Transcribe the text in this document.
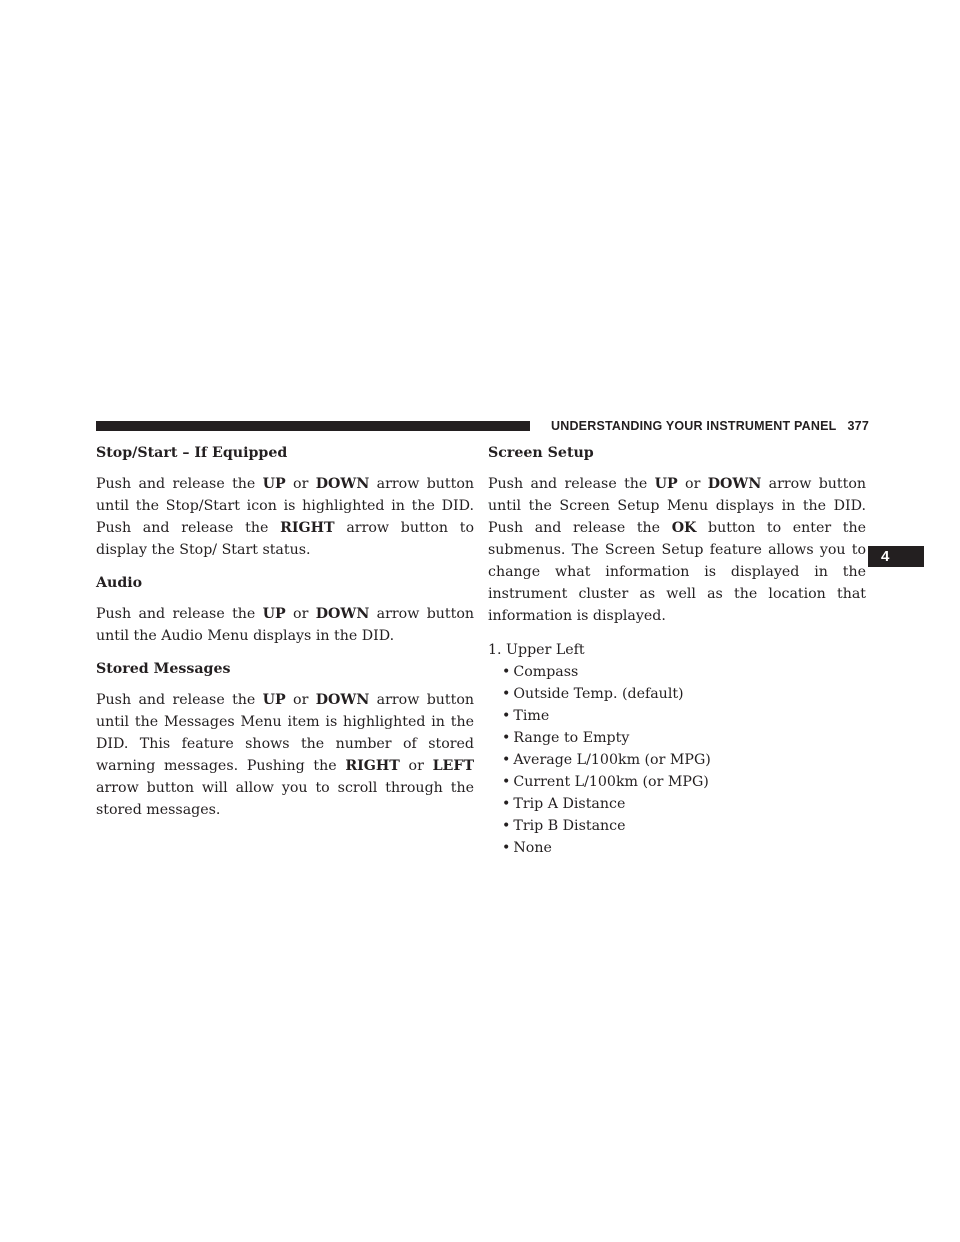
UNDERSTANDING YOUR INSTRUMENT PANEL 377
4
Stop/Start – If Equipped

Push and release the UP or DOWN arrow button until the Stop/Start icon is highlighted in the DID. Push and release the RIGHT arrow button to display the Stop/ Start status.

Audio

Push and release the UP or DOWN arrow button until the Audio Menu displays in the DID.

Stored Messages

Push and release the UP or DOWN arrow button until the Messages Menu item is highlighted in the DID. This feature shows the number of stored warning messages. Pushing the RIGHT or LEFT arrow button will allow you to scroll through the stored messages.

Screen Setup

Push and release the UP or DOWN arrow button until the Screen Setup Menu displays in the DID. Push and release the OK button to enter the submenus. The Screen Setup feature allows you to change what information is displayed in the instrument cluster as well as the location that information is displayed.

1. Upper Left

• Compass
• Outside Temp. (default)
• Time
• Range to Empty
• Average L/100km (or MPG)
• Current L/100km (or MPG)
• Trip A Distance
• Trip B Distance
• None
